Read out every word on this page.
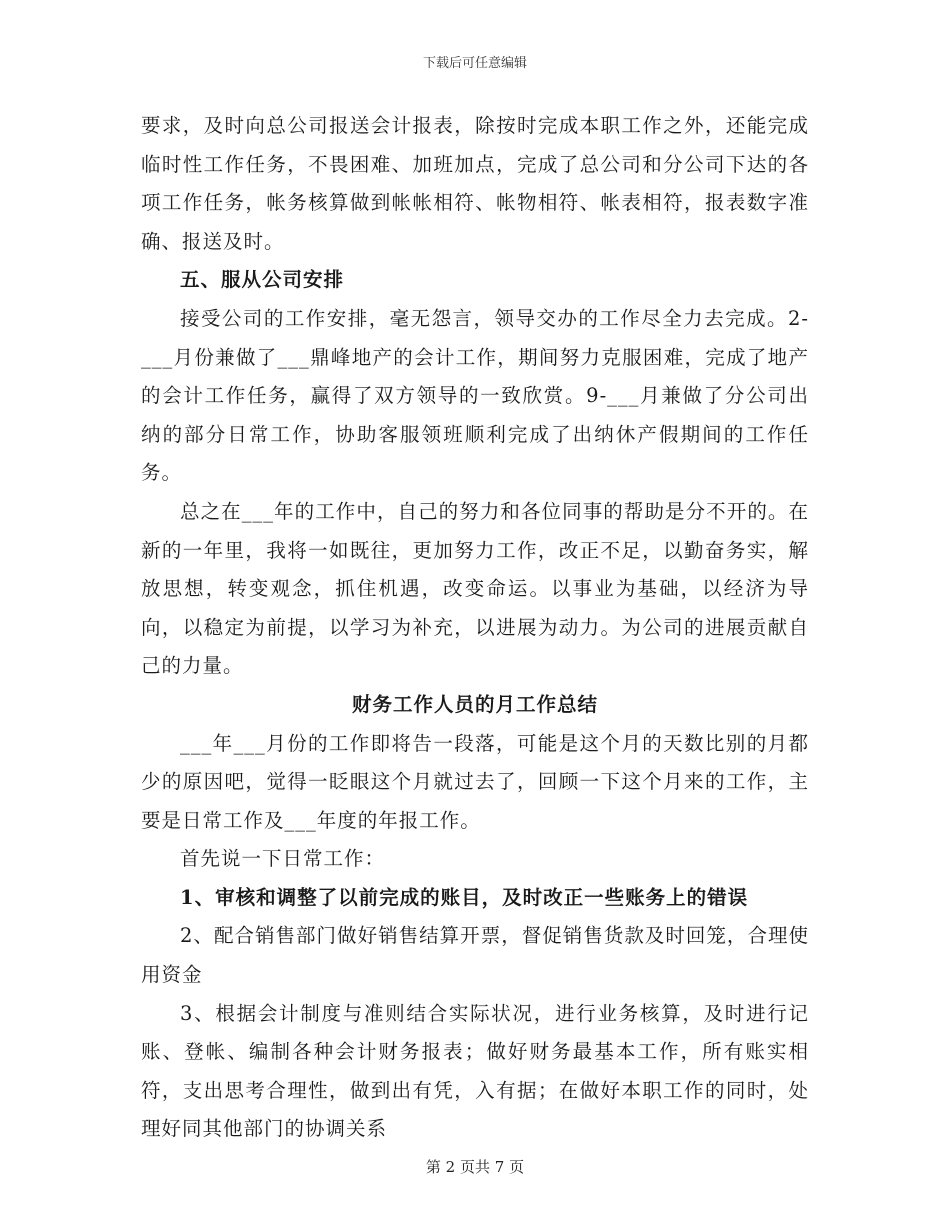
下载后可任意编辑

要求，及时向总公司报送会计报表，除按时完成本职工作之外，还能完成临时性工作任务，不畏困难、加班加点，完成了总公司和分公司下达的各项工作任务，帐务核算做到帐帐相符、帐物相符、帐表相符，报表数字准确、报送及时。

五、服从公司安排

接受公司的工作安排，毫无怨言，领导交办的工作尽全力去完成。2-___月份兼做了___鼎峰地产的会计工作，期间努力克服困难，完成了地产的会计工作任务，赢得了双方领导的一致欣赏。9-___月兼做了分公司出纳的部分日常工作，协助客服领班顺利完成了出纳休产假期间的工作任务。

总之在___年的工作中，自己的努力和各位同事的帮助是分不开的。在新的一年里，我将一如既往，更加努力工作，改正不足，以勤奋务实，解放思想，转变观念，抓住机遇，改变命运。以事业为基础，以经济为导向，以稳定为前提，以学习为补充，以进展为动力。为公司的进展贡献自己的力量。

财务工作人员的月工作总结

___年___月份的工作即将告一段落，可能是这个月的天数比别的月都少的原因吧，觉得一眨眼这个月就过去了，回顾一下这个月来的工作，主要是日常工作及___年度的年报工作。

首先说一下日常工作：

1、审核和调整了以前完成的账目，及时改正一些账务上的错误

2、配合销售部门做好销售结算开票，督促销售货款及时回笼，合理使用资金

3、根据会计制度与准则结合实际状况，进行业务核算，及时进行记账、登帐、编制各种会计财务报表；做好财务最基本工作，所有账实相符，支出思考合理性，做到出有凭，入有据；在做好本职工作的同时，处理好同其他部门的协调关系

第 2 页共 7 页
